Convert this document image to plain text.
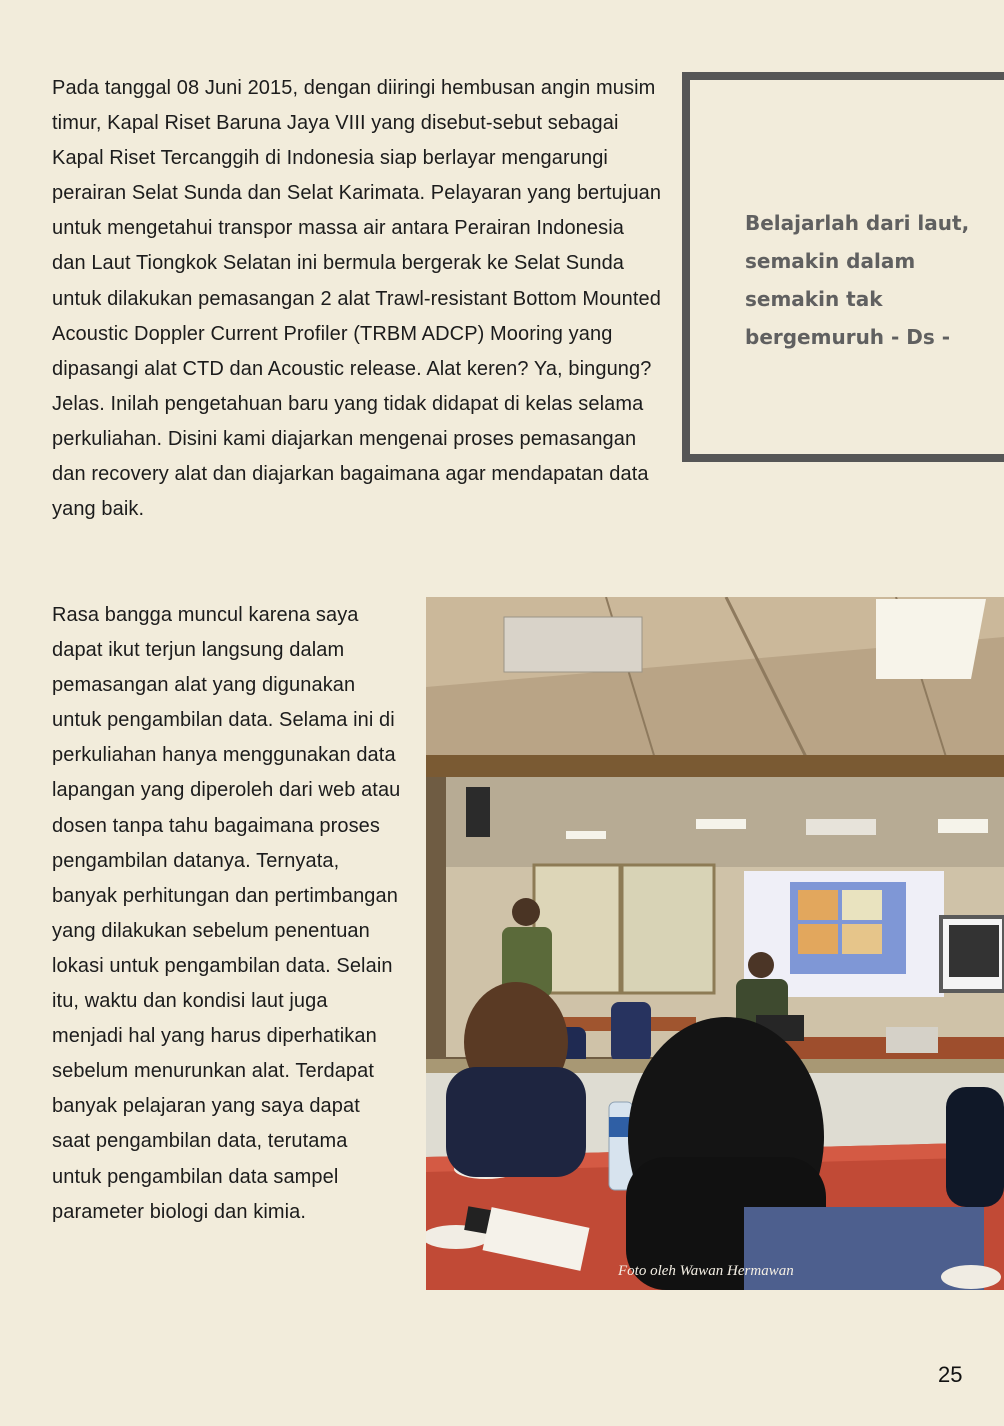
Pada tanggal 08 Juni 2015, dengan diiringi hembusan angin musim timur, Kapal Riset Baruna Jaya VIII yang disebut-sebut sebagai Kapal Riset Tercanggih di Indonesia siap berlayar mengarungi perairan Selat Sunda dan Selat Karimata. Pelayaran yang bertujuan untuk mengetahui transpor massa air antara Perairan Indonesia dan Laut Tiongkok Selatan ini bermula bergerak ke Selat Sunda untuk dilakukan pemasangan 2 alat Trawl-resistant Bottom Mounted Acoustic Doppler Current Profiler (TRBM ADCP) Mooring yang dipasangi alat CTD dan Acoustic release. Alat keren? Ya, bingung? Jelas. Inilah pengetahuan baru yang tidak didapat di kelas selama perkuliahan. Disini kami diajarkan mengenai proses pemasangan dan recovery alat dan diajarkan bagaimana agar mendapatan data yang baik.

Belajarlah dari laut, semakin dalam semakin tak bergemuruh - Ds -

Rasa bangga muncul karena saya dapat ikut terjun langsung dalam pemasangan alat yang digunakan untuk pengambilan data. Selama ini di perkuliahan hanya menggunakan data lapangan yang diperoleh dari web atau dosen tanpa tahu bagaimana proses pengambilan datanya. Ternyata, banyak perhitungan dan pertimbangan yang dilakukan sebelum penentuan lokasi untuk pengambilan data. Selain itu, waktu dan kondisi laut juga menjadi hal yang harus diperhatikan sebelum menurunkan alat. Terdapat banyak pelajaran yang saya dapat saat pengambilan data, terutama untuk pengambilan data sampel parameter biologi dan kimia.

Foto oleh Wawan Hermawan
25
